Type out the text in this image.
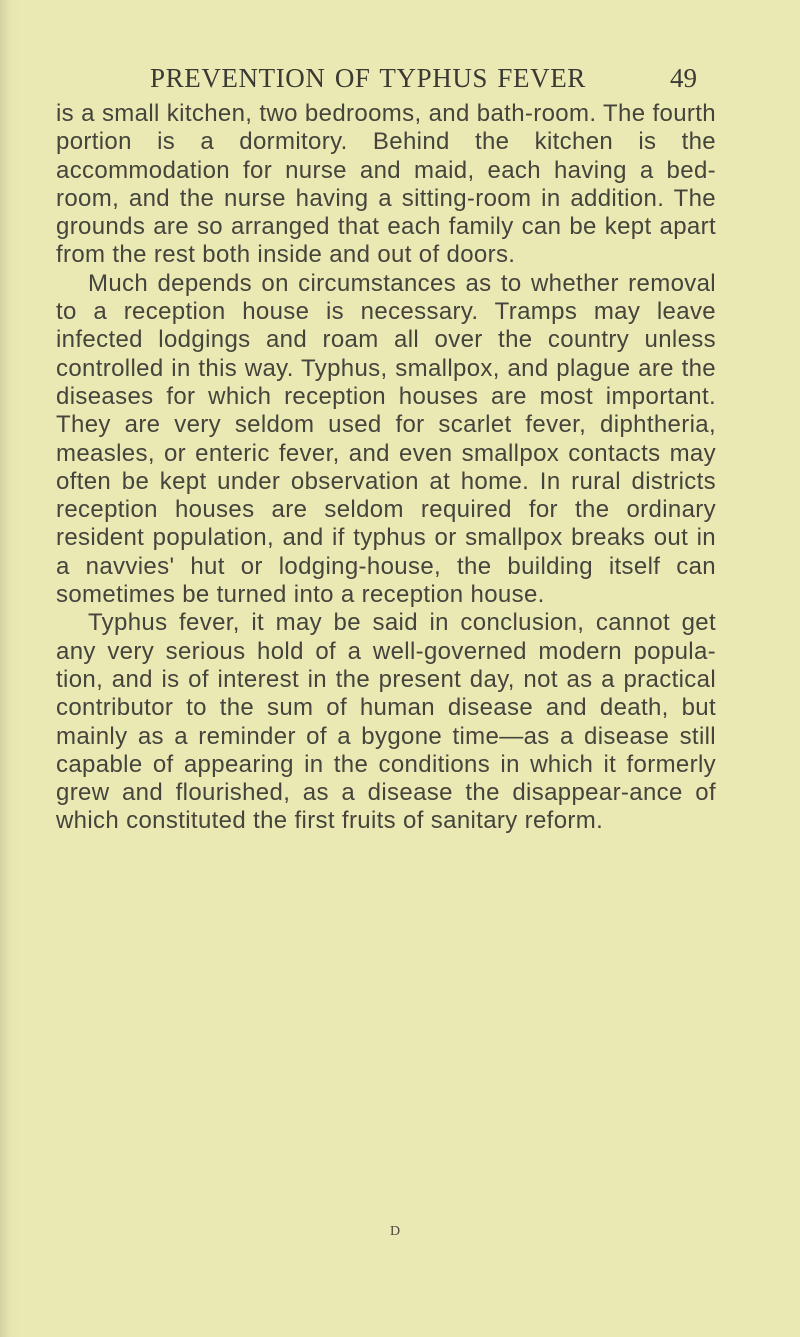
PREVENTION OF TYPHUS FEVER	49

is a small kitchen, two bedrooms, and bath-room. The fourth portion is a dormitory. Behind the kitchen is the accommodation for nurse and maid, each having a bed-room, and the nurse having a sitting-room in addition. The grounds are so arranged that each family can be kept apart from the rest both inside and out of doors.

Much depends on circumstances as to whether removal to a reception house is necessary. Tramps may leave infected lodgings and roam all over the country unless controlled in this way. Typhus, smallpox, and plague are the diseases for which reception houses are most important. They are very seldom used for scarlet fever, diphtheria, measles, or enteric fever, and even smallpox contacts may often be kept under observation at home. In rural districts reception houses are seldom required for the ordinary resident population, and if typhus or smallpox breaks out in a navvies' hut or lodging-house, the building itself can sometimes be turned into a reception house.

Typhus fever, it may be said in conclusion, cannot get any very serious hold of a well-governed modern popula-tion, and is of interest in the present day, not as a practical contributor to the sum of human disease and death, but mainly as a reminder of a bygone time—as a disease still capable of appearing in the conditions in which it formerly grew and flourished, as a disease the disappear-ance of which constituted the first fruits of sanitary reform.

D
